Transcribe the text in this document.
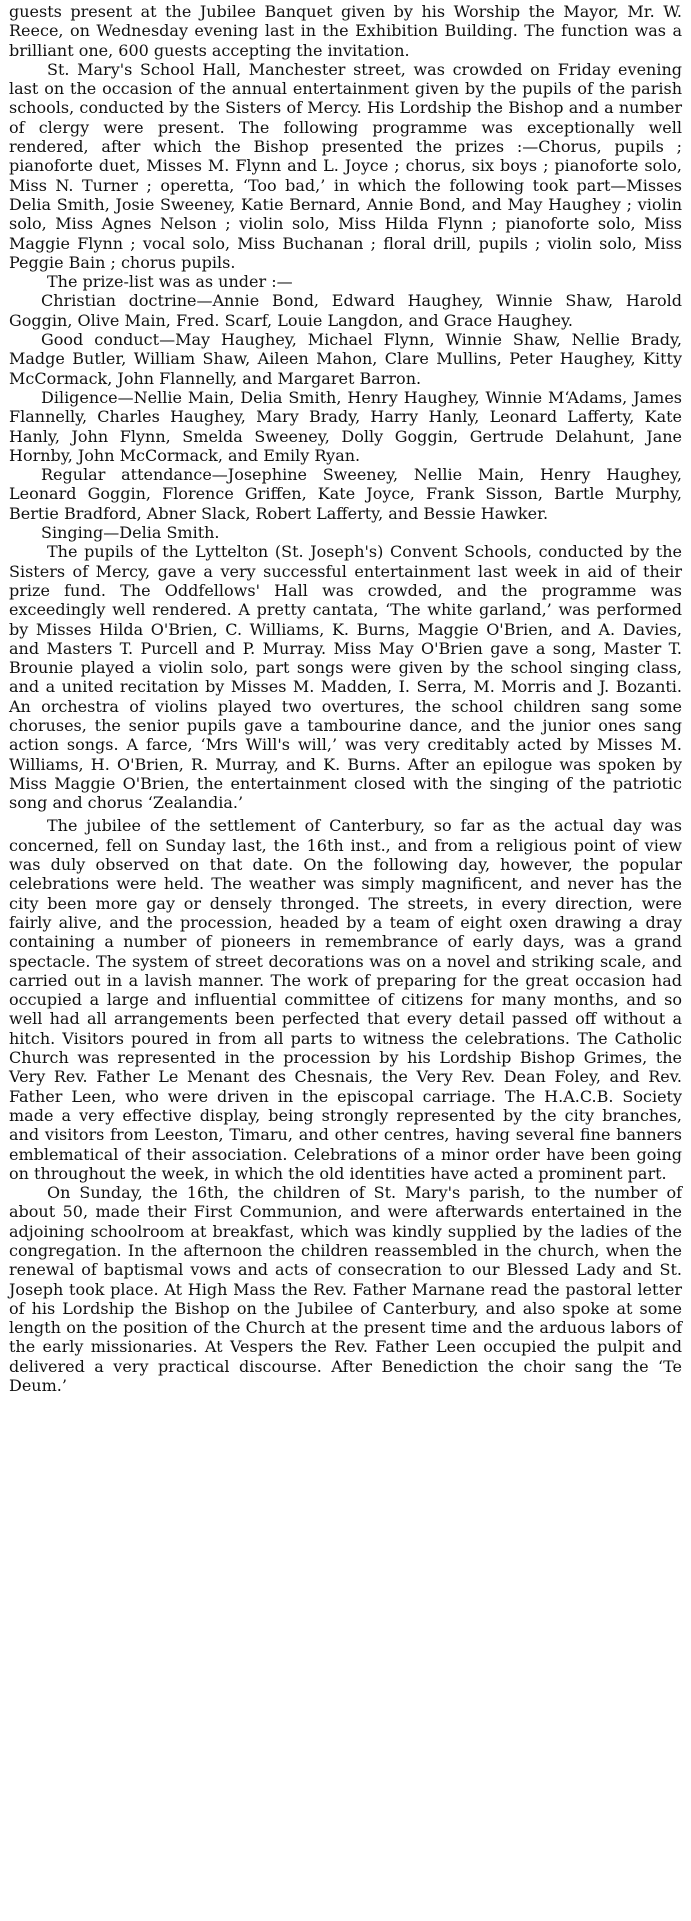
guests present at the Jubilee Banquet given by his Worship the Mayor, Mr. W. Reece, on Wednesday evening last in the Exhibition Building. The function was a brilliant one, 600 guests accepting the invitation.

St. Mary's School Hall, Manchester street, was crowded on Friday evening last on the occasion of the annual entertainment given by the pupils of the parish schools, conducted by the Sisters of Mercy. His Lordship the Bishop and a number of clergy were present. The following programme was exceptionally well rendered, after which the Bishop presented the prizes :—Chorus, pupils ; pianoforte duet, Misses M. Flynn and L. Joyce ; chorus, six boys ; pianoforte solo, Miss N. Turner ; operetta, ‘Too bad,’ in which the following took part—Misses Delia Smith, Josie Sweeney, Katie Bernard, Annie Bond, and May Haughey ; violin solo, Miss Agnes Nelson ; violin solo, Miss Hilda Flynn ; pianoforte solo, Miss Maggie Flynn ; vocal solo, Miss Buchanan ; floral drill, pupils ; violin solo, Miss Peggie Bain ; chorus pupils.

The prize-list was as under :—

Christian doctrine—Annie Bond, Edward Haughey, Winnie Shaw, Harold Goggin, Olive Main, Fred. Scarf, Louie Langdon, and Grace Haughey.

Good conduct—May Haughey, Michael Flynn, Winnie Shaw, Nellie Brady, Madge Butler, William Shaw, Aileen Mahon, Clare Mullins, Peter Haughey, Kitty McCormack, John Flannelly, and Margaret Barron.

Diligence—Nellie Main, Delia Smith, Henry Haughey, Winnie M‘Adams, James Flannelly, Charles Haughey, Mary Brady, Harry Hanly, Leonard Lafferty, Kate Hanly, John Flynn, Smelda Sweeney, Dolly Goggin, Gertrude Delahunt, Jane Hornby, John McCormack, and Emily Ryan.

Regular attendance—Josephine Sweeney, Nellie Main, Henry Haughey, Leonard Goggin, Florence Griffen, Kate Joyce, Frank Sisson, Bartle Murphy, Bertie Bradford, Abner Slack, Robert Lafferty, and Bessie Hawker.

Singing—Delia Smith.

The pupils of the Lyttelton (St. Joseph's) Convent Schools, conducted by the Sisters of Mercy, gave a very successful entertainment last week in aid of their prize fund. The Oddfellows' Hall was crowded, and the programme was exceedingly well rendered. A pretty cantata, ‘The white garland,’ was performed by Misses Hilda O'Brien, C. Williams, K. Burns, Maggie O'Brien, and A. Davies, and Masters T. Purcell and P. Murray. Miss May O'Brien gave a song, Master T. Brounie played a violin solo, part songs were given by the school singing class, and a united recitation by Misses M. Madden, I. Serra, M. Morris and J. Bozanti. An orchestra of violins played two overtures, the school children sang some choruses, the senior pupils gave a tambourine dance, and the junior ones sang action songs. A farce, ‘Mrs Will's will,’ was very creditably acted by Misses M. Williams, H. O'Brien, R. Murray, and K. Burns. After an epilogue was spoken by Miss Maggie O'Brien, the entertainment closed with the singing of the patriotic song and chorus ‘Zealandia.’

The jubilee of the settlement of Canterbury, so far as the actual day was concerned, fell on Sunday last, the 16th inst., and from a religious point of view was duly observed on that date. On the following day, however, the popular celebrations were held. The weather was simply magnificent, and never has the city been more gay or densely thronged. The streets, in every direction, were fairly alive, and the procession, headed by a team of eight oxen drawing a dray containing a number of pioneers in remembrance of early days, was a grand spectacle. The system of street decorations was on a novel and striking scale, and carried out in a lavish manner. The work of preparing for the great occasion had occupied a large and influential committee of citizens for many months, and so well had all arrangements been perfected that every detail passed off without a hitch. Visitors poured in from all parts to witness the celebrations. The Catholic Church was represented in the procession by his Lordship Bishop Grimes, the Very Rev. Father Le Menant des Chesnais, the Very Rev. Dean Foley, and Rev. Father Leen, who were driven in the episcopal carriage. The H.A.C.B. Society made a very effective display, being strongly represented by the city branches, and visitors from Leeston, Timaru, and other centres, having several fine banners emblematical of their association. Celebrations of a minor order have been going on throughout the week, in which the old identities have acted a prominent part.

On Sunday, the 16th, the children of St. Mary's parish, to the number of about 50, made their First Communion, and were afterwards entertained in the adjoining schoolroom at breakfast, which was kindly supplied by the ladies of the congregation. In the afternoon the children reassembled in the church, when the renewal of baptismal vows and acts of consecration to our Blessed Lady and St. Joseph took place. At High Mass the Rev. Father Marnane read the pastoral letter of his Lordship the Bishop on the Jubilee of Canterbury, and also spoke at some length on the position of the Church at the present time and the arduous labors of the early missionaries. At Vespers the Rev. Father Leen occupied the pulpit and delivered a very practical discourse. After Benediction the choir sang the ‘Te Deum.’
